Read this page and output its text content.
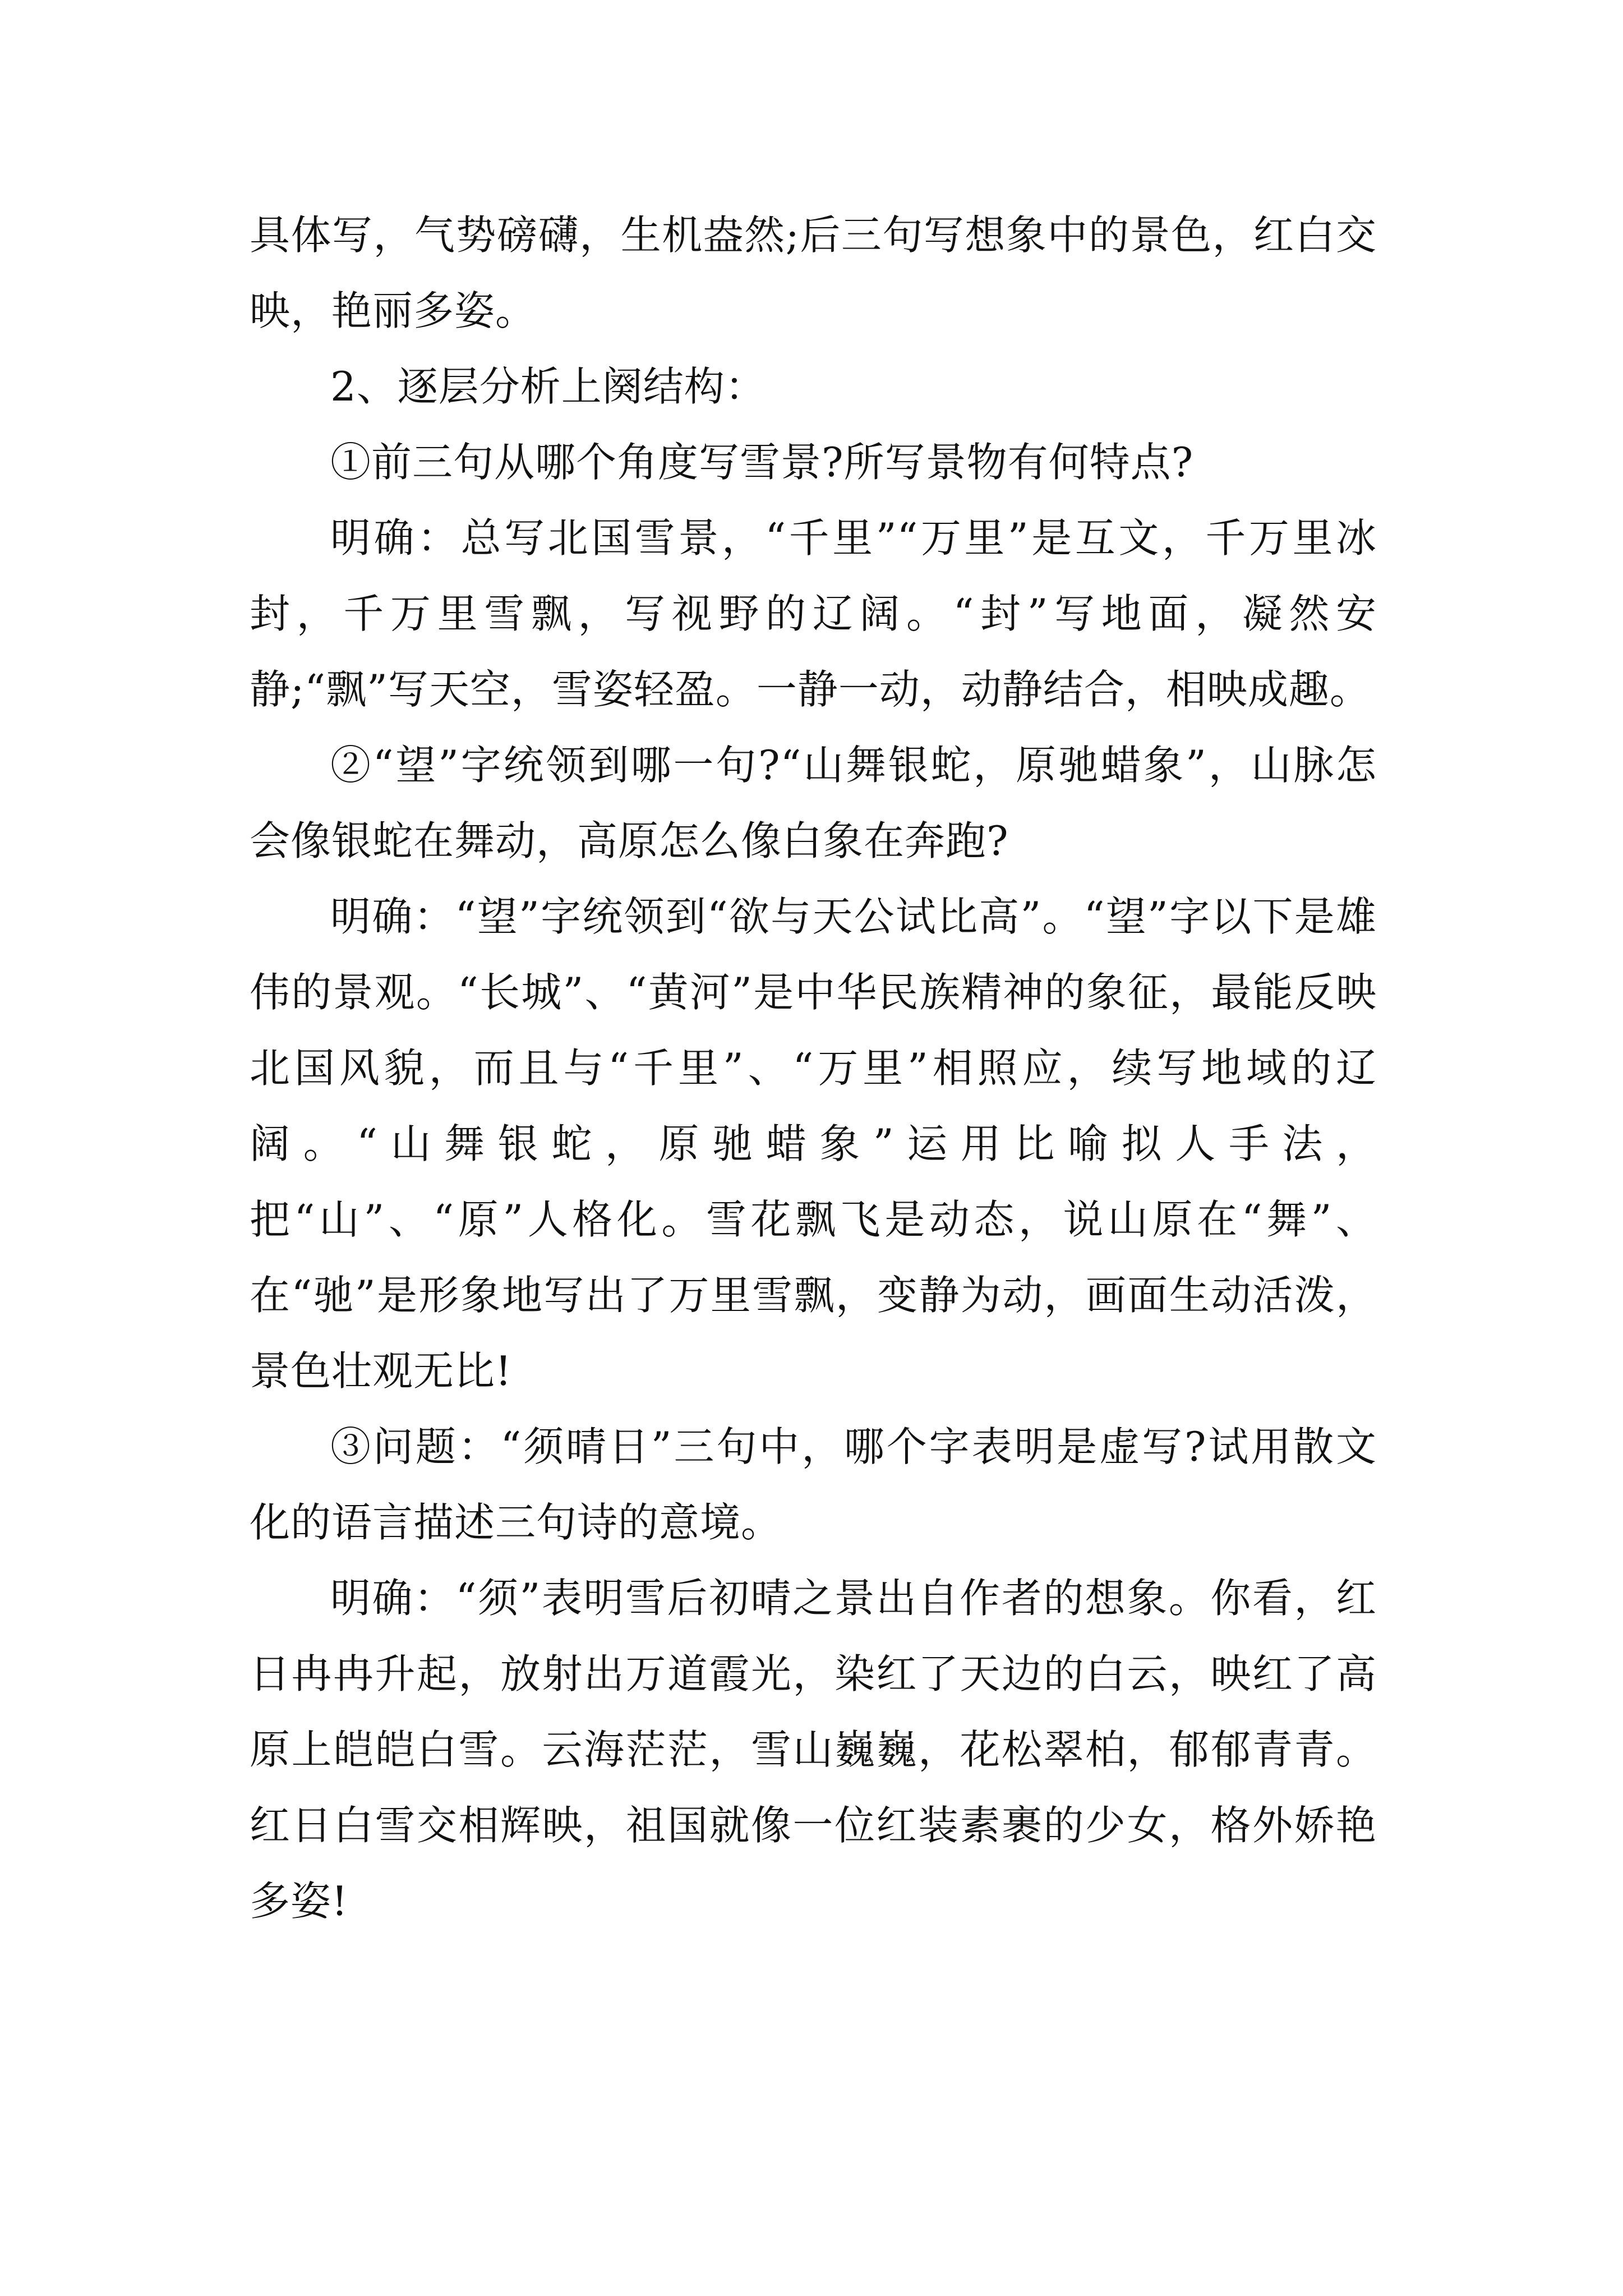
具体写，气势磅礴，生机盎然;后三句写想象中的景色，红白交映，艳丽多姿。

2、逐层分析上阕结构：

①前三句从哪个角度写雪景?所写景物有何特点?

明确：总写北国雪景，“千里”“万里”是互文，千万里冰封，千万里雪飘，写视野的辽阔。“封”写地面，凝然安静;“飘”写天空，雪姿轻盈。一静一动，动静结合，相映成趣。

②“望”字统领到哪一句?“山舞银蛇，原驰蜡象”，山脉怎会像银蛇在舞动，高原怎么像白象在奔跑?

明确：“望”字统领到“欲与天公试比高”。“望”字以下是雄伟的景观。“长城”、“黄河”是中华民族精神的象征，最能反映北国风貌，而且与“千里”、“万里”相照应，续写地域的辽阔。“山舞银蛇，原驰蜡象”运用比喻拟人手法，把“山”、“原”人格化。雪花飘飞是动态，说山原在“舞”、在“驰”是形象地写出了万里雪飘，变静为动，画面生动活泼，景色壮观无比!

③问题：“须晴日”三句中，哪个字表明是虚写?试用散文化的语言描述三句诗的意境。

明确：“须”表明雪后初晴之景出自作者的想象。你看，红日冉冉升起，放射出万道霞光，染红了天边的白云，映红了高原上皑皑白雪。云海茫茫，雪山巍巍，花松翠柏，郁郁青青。红日白雪交相辉映，祖国就像一位红装素裹的少女，格外娇艳多姿!
